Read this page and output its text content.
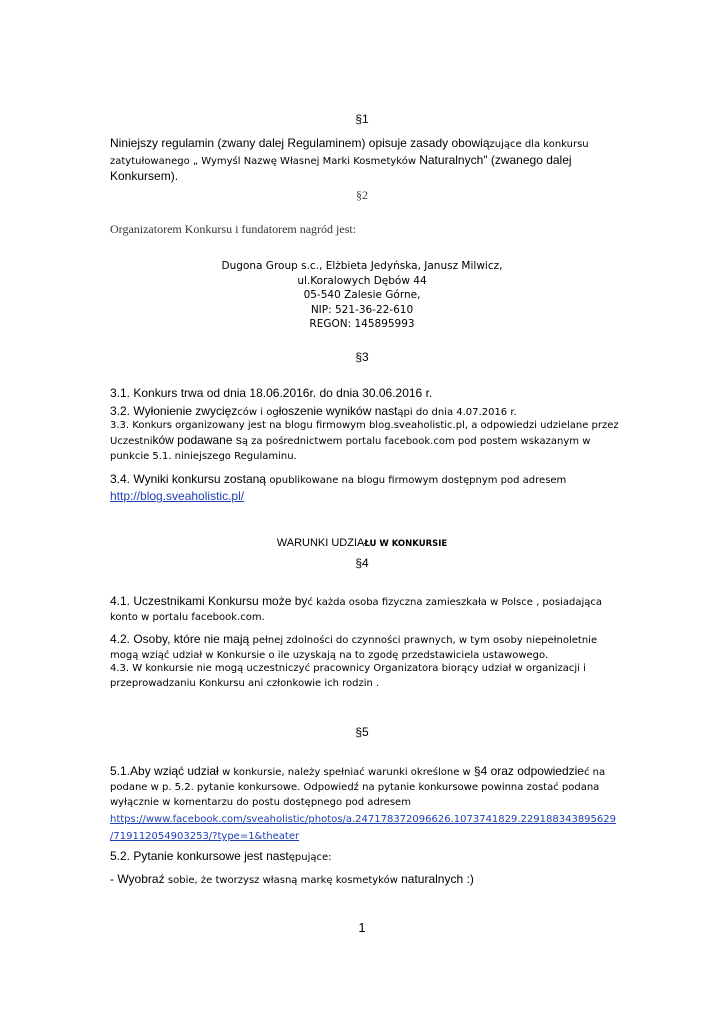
§1
Niniejszy regulamin (zwany dalej Regulaminem) opisuje zasady obowiązujące dla konkursu
zatytułowanego „ Wymyśl Nazwę Własnej Marki Kosmetyków Naturalnych" (zwanego dalej
Konkursem).
§2
Organizatorem Konkursu i fundatorem nagród jest:
Dugona Group s.c., Elżbieta Jedyńska, Janusz Milwicz,
ul.Koralowych Dębów 44
05-540 Zalesie Górne,
NIP: 521-36-22-610
REGON: 145895993
§3
3.1. Konkurs trwa od dnia 18.06.2016r. do dnia 30.06.2016 r.
3.2. Wyłonienie zwycięzców i ogłoszenie wyników nastąpi do dnia 4.07.2016 r.
3.3. Konkurs organizowany jest na blogu firmowym blog.sveaholistic.pl, a odpowiedzi udzielane przez
Uczestników podawane są za pośrednictwem portalu facebook.com pod postem wskazanym w
punkcie 5.1. niniejszego Regulaminu.
3.4. Wyniki konkursu zostaną opublikowane na blogu firmowym dostępnym pod adresem
http://blog.sveaholistic.pl/
WARUNKI UDZIAŁU W KONKURSIE
§4
4.1. Uczestnikami Konkursu może być każda osoba fizyczna zamieszkała w Polsce , posiadająca
konto w portalu facebook.com.
4.2. Osoby, które nie mają pełnej zdolności do czynności prawnych, w tym osoby niepełnoletnie
mogą wziąć udział w Konkursie o ile uzyskają na to zgodę przedstawiciela ustawowego.
4.3. W konkursie nie mogą uczestniczyć pracownicy Organizatora biorący udział w organizacji i
przeprowadzaniu Konkursu ani członkowie ich rodzin .
§5
5.1.Aby wziąć udział w konkursie, należy spełniać warunki określone w §4 oraz odpowiedzieć na
podane w p. 5.2. pytanie konkursowe. Odpowiedź na pytanie konkursowe powinna zostać podana
wyłącznie w komentarzu do postu dostępnego pod adresem
https://www.facebook.com/sveaholistic/photos/a.247178372096626.1073741829.229188343895629
/719112054903253/?type=1&theater
5.2. Pytanie konkursowe jest następujące:
- Wyobraź sobie, że tworzysz własną markę kosmetyków naturalnych :)
1
